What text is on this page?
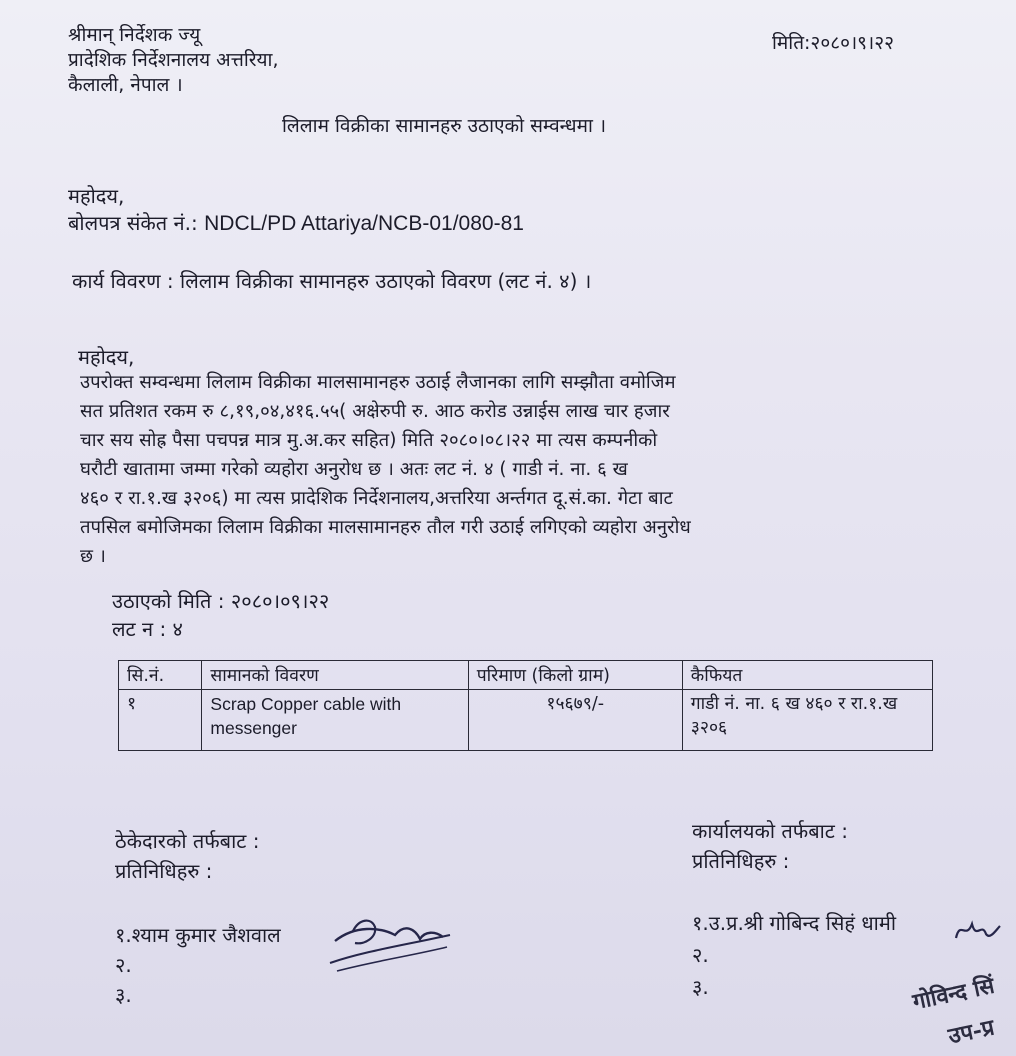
श्रीमान् निर्देशक ज्यू
प्रादेशिक निर्देशनालय अत्तरिया,
कैलाली, नेपाल ।
मिति:२०८०।९।२२
लिलाम विक्रीका सामानहरु उठाएको सम्वन्धमा ।
महोदय,
बोलपत्र संकेत नं.: NDCL/PD Attariya/NCB-01/080-81
कार्य विवरण : लिलाम विक्रीका सामानहरु उठाएको विवरण (लट नं. ४) ।
महोदय,
उपरोक्त सम्वन्धमा लिलाम विक्रीका मालसामानहरु उठाई लैजानका लागि सम्झौता वमोजिम
सत प्रतिशत रकम रु ८,१९,०४,४१६.५५( अक्षेरुपी रु. आठ करोड उन्नाईस लाख चार हजार
चार सय सोह्र पैसा पचपन्न मात्र मु.अ.कर सहित) मिति २०८०।०८।२२ मा त्यस कम्पनीको
घरौटी खातामा जम्मा गरेको व्यहोरा अनुरोध छ । अतः लट नं. ४ ( गाडी नं. ना. ६ ख
४६० र रा.१.ख ३२०६) मा त्यस प्रादेशिक निर्देशनालय,अत्तरिया अर्न्तगत दू.सं.का. गेटा बाट
तपसिल बमोजिमका लिलाम विक्रीका मालसामानहरु तौल गरी उठाई लगिएको व्यहोरा अनुरोध
छ ।
उठाएको मिति : २०८०।०९।२२
लट न : ४
सि.नं.	सामानको विवरण	परिमाण (किलो ग्राम)	कैफियत
१	Scrap Copper cable with messenger	१५६७९/-	गाडी नं. ना. ६ ख ४६० र रा.१.ख ३२०६
ठेकेदारको तर्फबाट :
प्रतिनिधिहरु :
१.श्याम कुमार जैशवाल
२.
३.
कार्यालयको तर्फबाट :
प्रतिनिधिहरु :
१.उ.प्र.श्री गोबिन्द सिहं धामी
२.
३.	गोविन्द सिं
उप-प्र
